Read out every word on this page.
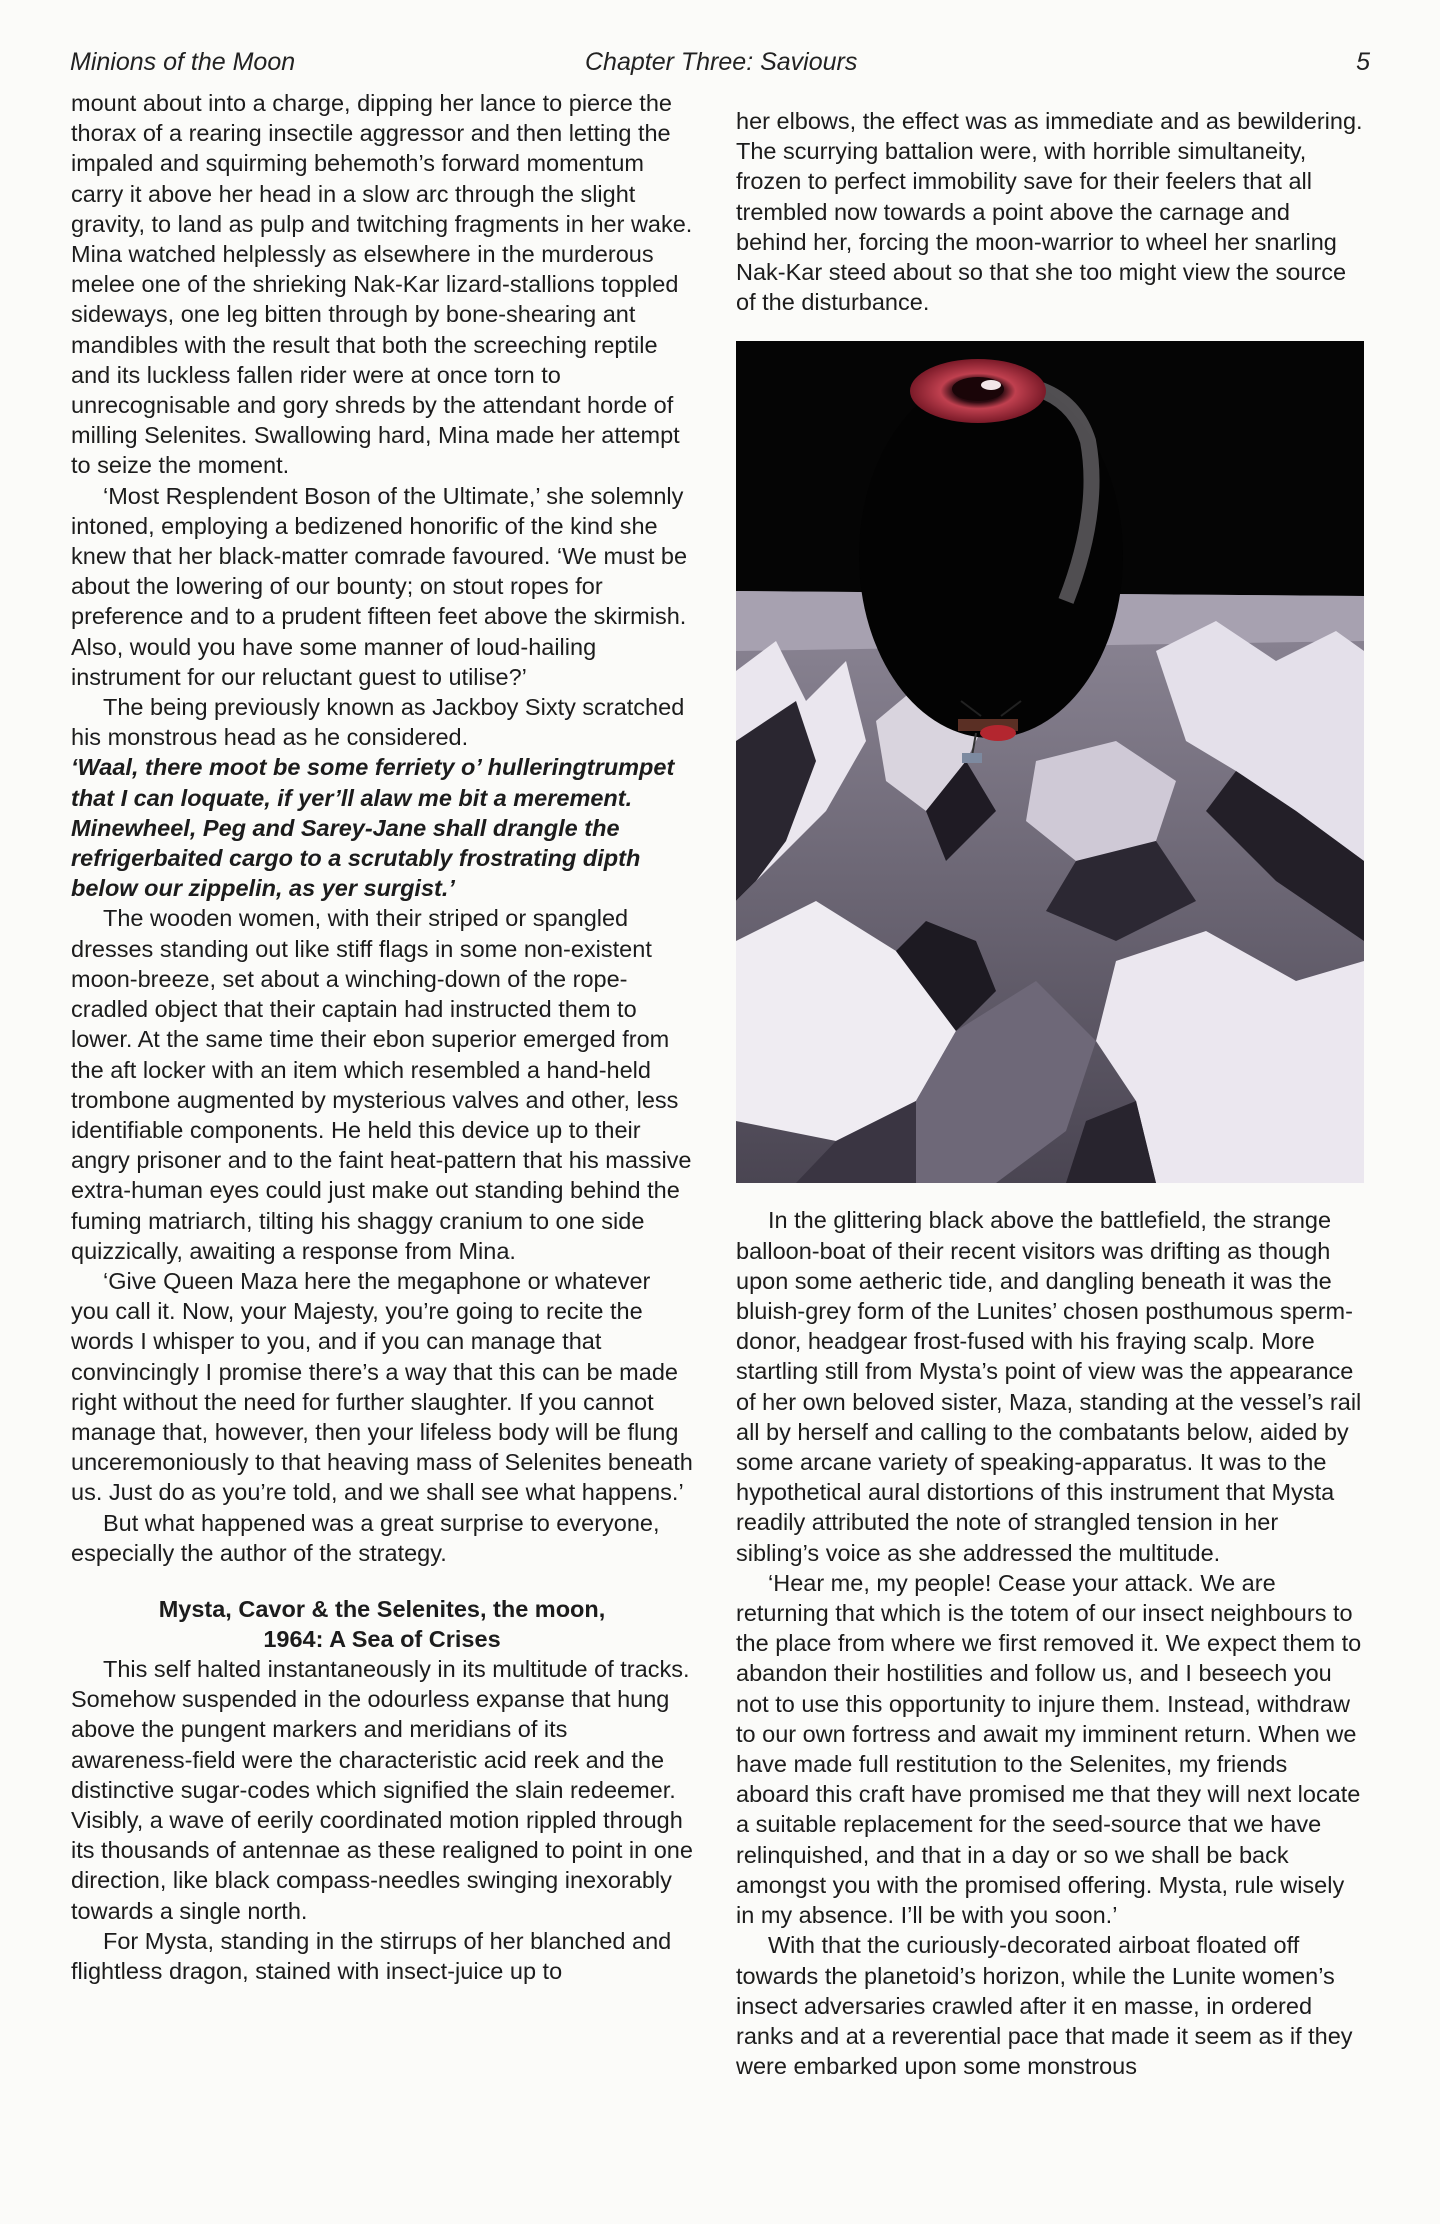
Minions of the Moon	Chapter Three: Saviours	5

mount about into a charge, dipping her lance to pierce the thorax of a rearing insectile aggressor and then letting the impaled and squirming behemoth’s forward momentum carry it above her head in a slow arc through the slight gravity, to land as pulp and twitching fragments in her wake. Mina watched helplessly as elsewhere in the murderous melee one of the shrieking Nak-Kar lizard-stallions toppled sideways, one leg bitten through by bone-shearing ant mandibles with the result that both the screeching reptile and its luckless fallen rider were at once torn to unrecognisable and gory shreds by the attendant horde of milling Selenites. Swallowing hard, Mina made her attempt to seize the moment.

‘Most Resplendent Boson of the Ultimate,’ she solemnly intoned, employing a bedizened honorific of the kind she knew that her black-matter comrade favoured. ‘We must be about the lowering of our bounty; on stout ropes for preference and to a prudent fifteen feet above the skirmish. Also, would you have some manner of loud-hailing instrument for our reluctant guest to utilise?’

The being previously known as Jackboy Sixty scratched his monstrous head as he considered.

‘Waal, there moot be some ferriety o’ hulleringtrumpet that I can loquate, if yer’ll alaw me bit a merement. Minewheel, Peg and Sarey-Jane shall drangle the refrigerbaited cargo to a scrutably frostrating dipth below our zippelin, as yer surgist.’

The wooden women, with their striped or spangled dresses standing out like stiff flags in some non-existent moon-breeze, set about a winching-down of the rope-cradled object that their captain had instructed them to lower. At the same time their ebon superior emerged from the aft locker with an item which resembled a hand-held trombone augmented by mysterious valves and other, less identifiable components. He held this device up to their angry prisoner and to the faint heat-pattern that his massive extra-human eyes could just make out standing behind the fuming matriarch, tilting his shaggy cranium to one side quizzically, awaiting a response from Mina.

‘Give Queen Maza here the megaphone or whatever you call it. Now, your Majesty, you’re going to recite the words I whisper to you, and if you can manage that convincingly I promise there’s a way that this can be made right without the need for further slaughter. If you cannot manage that, however, then your lifeless body will be flung unceremoniously to that heaving mass of Selenites beneath us. Just do as you’re told, and we shall see what happens.’

But what happened was a great surprise to everyone, especially the author of the strategy.

Mysta, Cavor & the Selenites, the moon,
1964: A Sea of Crises

This self halted instantaneously in its multitude of tracks. Somehow suspended in the odourless expanse that hung above the pungent markers and meridians of its awareness-field were the characteristic acid reek and the distinctive sugar-codes which signified the slain redeemer. Visibly, a wave of eerily coordinated motion rippled through its thousands of antennae as these realigned to point in one direction, like black compass-needles swinging inexorably towards a single north.

For Mysta, standing in the stirrups of her blanched and flightless dragon, stained with insect-juice up to

her elbows, the effect was as immediate and as bewildering. The scurrying battalion were, with horrible simultaneity, frozen to perfect immobility save for their feelers that all trembled now towards a point above the carnage and behind her, forcing the moon-warrior to wheel her snarling Nak-Kar steed about so that she too might view the source of the disturbance.

In the glittering black above the battlefield, the strange balloon-boat of their recent visitors was drifting as though upon some aetheric tide, and dangling beneath it was the bluish-grey form of the Lunites’ chosen posthumous sperm-donor, headgear frost-fused with his fraying scalp. More startling still from Mysta’s point of view was the appearance of her own beloved sister, Maza, standing at the vessel’s rail all by herself and calling to the combatants below, aided by some arcane variety of speaking-apparatus. It was to the hypothetical aural distortions of this instrument that Mysta readily attributed the note of strangled tension in her sibling’s voice as she addressed the multitude.

‘Hear me, my people! Cease your attack. We are returning that which is the totem of our insect neighbours to the place from where we first removed it. We expect them to abandon their hostilities and follow us, and I beseech you not to use this opportunity to injure them. Instead, withdraw to our own fortress and await my imminent return. When we have made full restitution to the Selenites, my friends aboard this craft have promised me that they will next locate a suitable replacement for the seed-source that we have relinquished, and that in a day or so we shall be back amongst you with the promised offering. Mysta, rule wisely in my absence. I’ll be with you soon.’

With that the curiously-decorated airboat floated off towards the planetoid’s horizon, while the Lunite women’s insect adversaries crawled after it en masse, in ordered ranks and at a reverential pace that made it seem as if they were embarked upon some monstrous
